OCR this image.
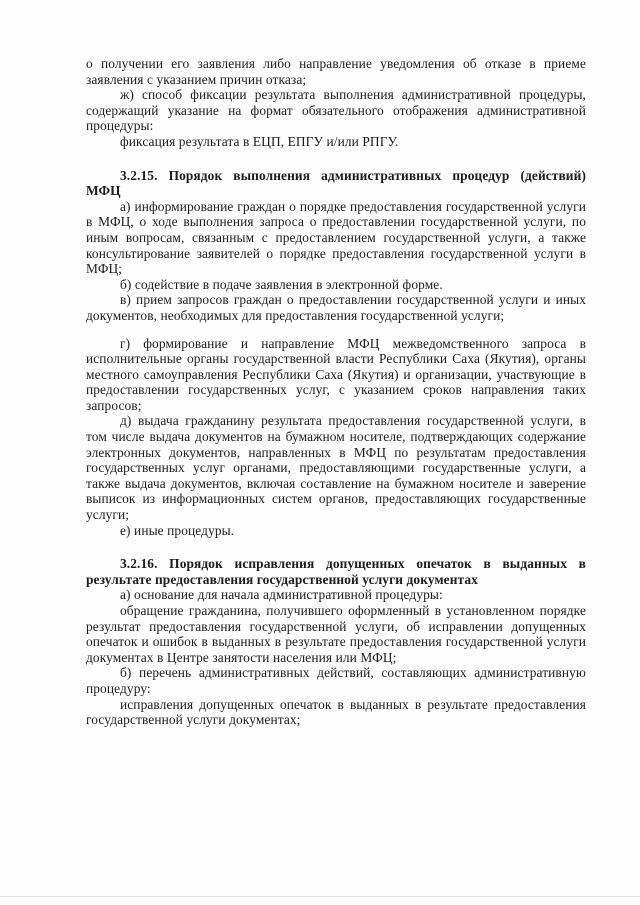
о получении его заявления либо направление уведомления об отказе в приеме заявления с указанием причин отказа;

ж) способ фиксации результата выполнения административной процедуры, содержащий указание на формат обязательного отображения административной процедуры:

фиксация результата в ЕЦП, ЕПГУ и/или РПГУ.

3.2.15. Порядок выполнения административных процедур (действий) МФЦ

а) информирование граждан о порядке предоставления государственной услуги в МФЦ, о ходе выполнения запроса о предоставлении государственной услуги, по иным вопросам, связанным с предоставлением государственной услуги, а также консультирование заявителей о порядке предоставления государственной услуги в МФЦ;

б) содействие в подаче заявления в электронной форме.

в) прием запросов граждан о предоставлении государственной услуги и иных документов, необходимых для предоставления государственной услуги;

г) формирование и направление МФЦ межведомственного запроса в исполнительные органы государственной власти Республики Саха (Якутия), органы местного самоуправления Республики Саха (Якутия) и организации, участвующие в предоставлении государственных услуг, с указанием сроков направления таких запросов;

д) выдача гражданину результата предоставления государственной услуги, в том числе выдача документов на бумажном носителе, подтверждающих содержание электронных документов, направленных в МФЦ по результатам предоставления государственных услуг органами, предоставляющими государственные услуги, а также выдача документов, включая составление на бумажном носителе и заверение выписок из информационных систем органов, предоставляющих государственные услуги;

е) иные процедуры.

3.2.16. Порядок исправления допущенных опечаток в выданных в результате предоставления государственной услуги документах

а) основание для начала административной процедуры:

обращение гражданина, получившего оформленный в установленном порядке результат предоставления государственной услуги, об исправлении допущенных опечаток и ошибок в выданных в результате предоставления государственной услуги документах в Центре занятости населения или МФЦ;

б) перечень административных действий, составляющих административную процедуру:

исправления допущенных опечаток в выданных в результате предоставления государственной услуги документах;
